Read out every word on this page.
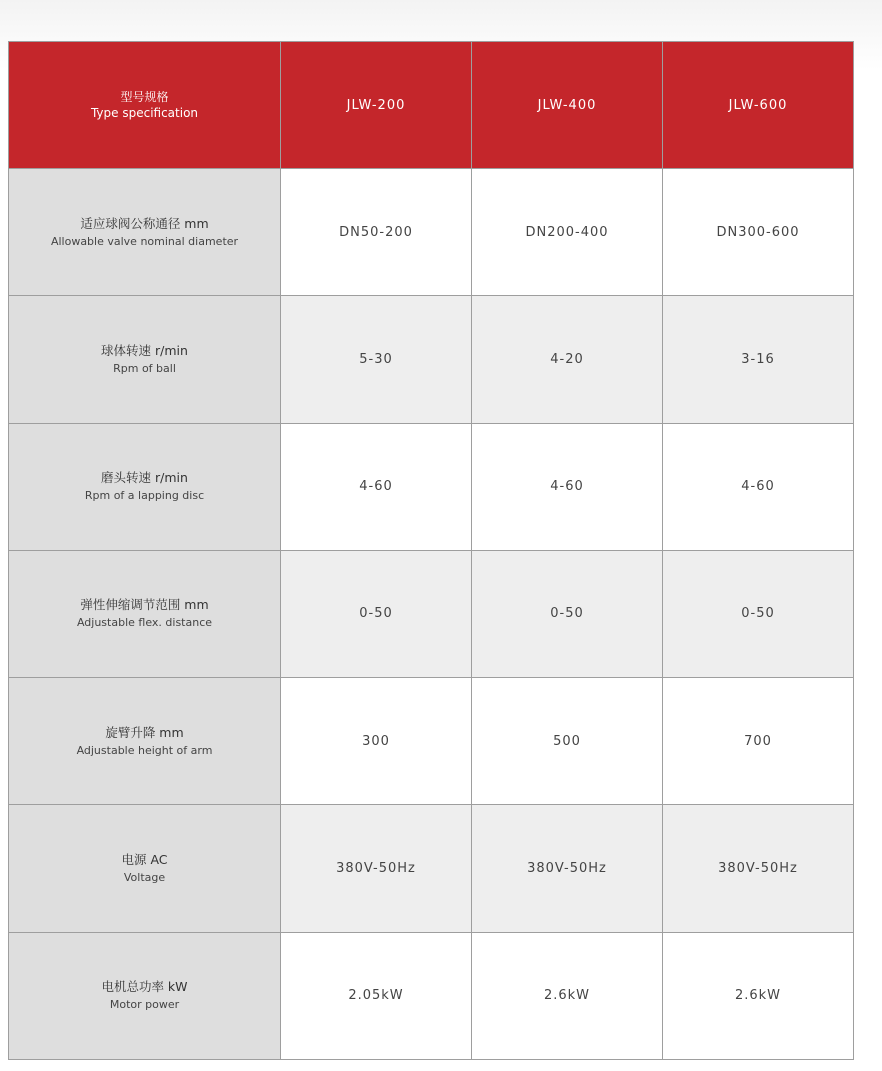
型号规格
Type specification	JLW-200	JLW-400	JLW-600

适应球阀公称通径 mm
Allowable valve nominal diameter	DN50-200	DN200-400	DN300-600

球体转速 r/min
Rpm of ball	5-30	4-20	3-16

磨头转速 r/min
Rpm of a lapping disc	4-60	4-60	4-60

弹性伸缩调节范围 mm
Adjustable flex. distance	0-50	0-50	0-50

旋臂升降 mm
Adjustable height of arm	300	500	700

电源 AC
Voltage	380V-50Hz	380V-50Hz	380V-50Hz

电机总功率 kW
Motor power	2.05kW	2.6kW	2.6kW
